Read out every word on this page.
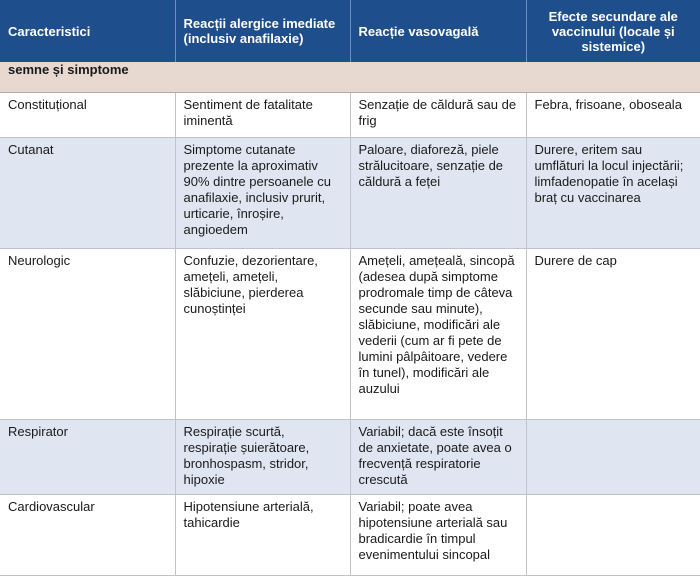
Caracteristici	Reacții alergice imediate (inclusiv anafilaxie)	Reacție vasovagală	Efecte secundare ale vaccinului (locale și sistemice)
semne și simptome			
Constituțional	Sentiment de fatalitate iminentă	Senzație de căldură sau de frig	Febra, frisoane, oboseala
Cutanat	Simptome cutanate prezente la aproximativ 90% dintre persoanele cu anafilaxie, inclusiv prurit, urticarie, înroșire, angioedem	Paloare, diaforeză, piele strălucitoare, senzație de căldură a feței	Durere, eritem sau umflături la locul injectării; limfadenopatie în același braț cu vaccinarea
Neurologic	Confuzie, dezorientare, amețeli, amețeli, slăbiciune, pierderea cunoștinței	Amețeli, amețeală, sincopă (adesea după simptome prodromale timp de câteva secunde sau minute), slăbiciune, modificări ale vederii (cum ar fi pete de lumini pâlpâitoare, vedere în tunel), modificări ale auzului	Durere de cap
Respirator	Respirație scurtă, respirație șuierătoare, bronhospasm, stridor, hipoxie	Variabil; dacă este însoțit de anxietate, poate avea o frecvență respiratorie crescută	
Cardiovascular	Hipotensiune arterială, tahicardie	Variabil; poate avea hipotensiune arterială sau bradicardie în timpul evenimentului sincopal	
